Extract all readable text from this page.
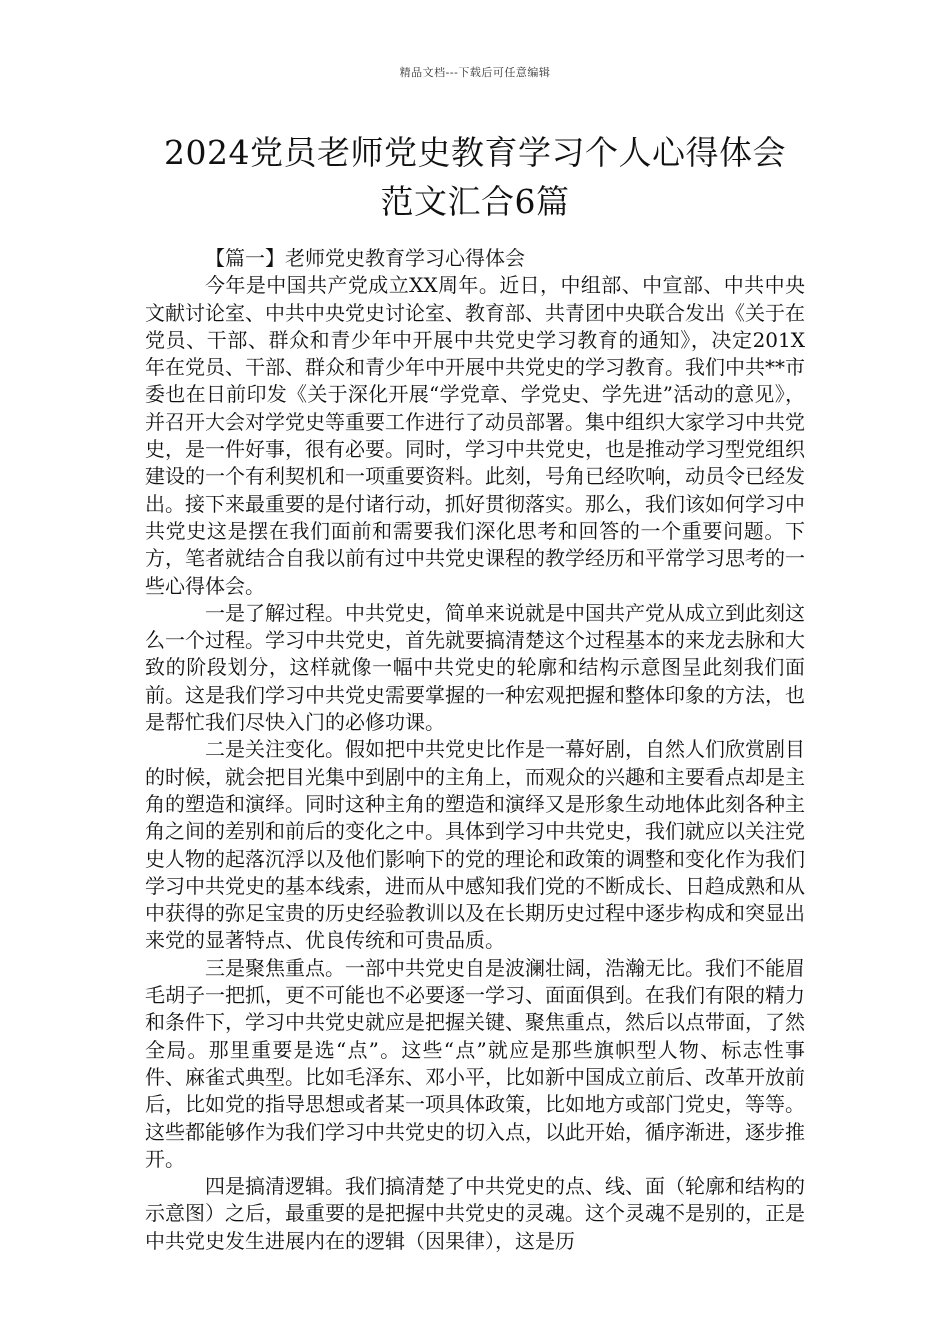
精品文档---下载后可任意编辑
2024党员老师党史教育学习个人心得体会
范文汇合6篇

【篇一】老师党史教育学习心得体会

今年是中国共产党成立XX周年。近日，中组部、中宣部、中共中央文献讨论室、中共中央党史讨论室、教育部、共青团中央联合发出《关于在党员、干部、群众和青少年中开展中共党史学习教育的通知》，决定201X年在党员、干部、群众和青少年中开展中共党史的学习教育。我们中共**市委也在日前印发《关于深化开展“学党章、学党史、学先进”活动的意见》，并召开大会对学党史等重要工作进行了动员部署。集中组织大家学习中共党史，是一件好事，很有必要。同时，学习中共党史，也是推动学习型党组织建设的一个有利契机和一项重要资料。此刻，号角已经吹响，动员令已经发出。接下来最重要的是付诸行动，抓好贯彻落实。那么，我们该如何学习中共党史这是摆在我们面前和需要我们深化思考和回答的一个重要问题。下方，笔者就结合自我以前有过中共党史课程的教学经历和平常学习思考的一些心得体会。

一是了解过程。中共党史，简单来说就是中国共产党从成立到此刻这么一个过程。学习中共党史，首先就要搞清楚这个过程基本的来龙去脉和大致的阶段划分，这样就像一幅中共党史的轮廓和结构示意图呈此刻我们面前。这是我们学习中共党史需要掌握的一种宏观把握和整体印象的方法，也是帮忙我们尽快入门的必修功课。

二是关注变化。假如把中共党史比作是一幕好剧，自然人们欣赏剧目的时候，就会把目光集中到剧中的主角上，而观众的兴趣和主要看点却是主角的塑造和演绎。同时这种主角的塑造和演绎又是形象生动地体此刻各种主角之间的差别和前后的变化之中。具体到学习中共党史，我们就应以关注党史人物的起落沉浮以及他们影响下的党的理论和政策的调整和变化作为我们学习中共党史的基本线索，进而从中感知我们党的不断成长、日趋成熟和从中获得的弥足宝贵的历史经验教训以及在长期历史过程中逐步构成和突显出来党的显著特点、优良传统和可贵品质。

三是聚焦重点。一部中共党史自是波澜壮阔，浩瀚无比。我们不能眉毛胡子一把抓，更不可能也不必要逐一学习、面面俱到。在我们有限的精力和条件下，学习中共党史就应是把握关键、聚焦重点，然后以点带面，了然全局。那里重要是选“点”。这些“点”就应是那些旗帜型人物、标志性事件、麻雀式典型。比如毛泽东、邓小平，比如新中国成立前后、改革开放前后，比如党的指导思想或者某一项具体政策，比如地方或部门党史，等等。这些都能够作为我们学习中共党史的切入点，以此开始，循序渐进，逐步推开。

四是搞清逻辑。我们搞清楚了中共党史的点、线、面（轮廓和结构的示意图）之后，最重要的是把握中共党史的灵魂。这个灵魂不是别的，正是中共党史发生进展内在的逻辑（因果律），这是历
